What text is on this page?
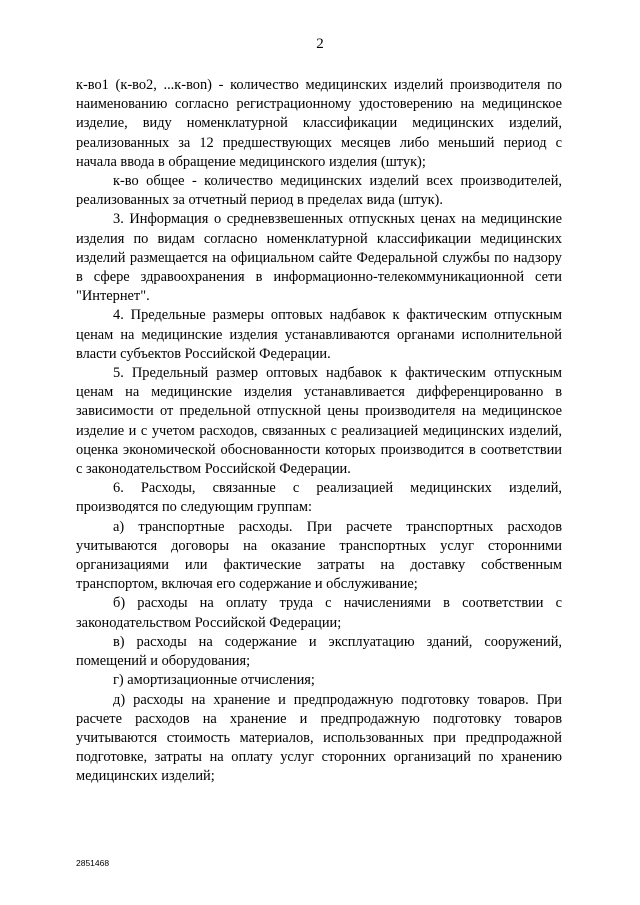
2

к-во1 (к-во2, ...к-воn) - количество медицинских изделий производителя по наименованию согласно регистрационному удостоверению на медицинское изделие, виду номенклатурной классификации медицинских изделий, реализованных за 12 предшествующих месяцев либо меньший период с начала ввода в обращение медицинского изделия (штук);

к-во общее - количество медицинских изделий всех производителей, реализованных за отчетный период в пределах вида (штук).

3. Информация о средневзвешенных отпускных ценах на медицинские изделия по видам согласно номенклатурной классификации медицинских изделий размещается на официальном сайте Федеральной службы по надзору в сфере здравоохранения в информационно-телекоммуникационной сети "Интернет".

4. Предельные размеры оптовых надбавок к фактическим отпускным ценам на медицинские изделия устанавливаются органами исполнительной власти субъектов Российской Федерации.

5. Предельный размер оптовых надбавок к фактическим отпускным ценам на медицинские изделия устанавливается дифференцированно в зависимости от предельной отпускной цены производителя на медицинское изделие и с учетом расходов, связанных с реализацией медицинских изделий, оценка экономической обоснованности которых производится в соответствии с законодательством Российской Федерации.

6. Расходы, связанные с реализацией медицинских изделий, производятся по следующим группам:

а) транспортные расходы. При расчете транспортных расходов учитываются договоры на оказание транспортных услуг сторонними организациями или фактические затраты на доставку собственным транспортом, включая его содержание и обслуживание;

б) расходы на оплату труда с начислениями в соответствии с законодательством Российской Федерации;

в) расходы на содержание и эксплуатацию зданий, сооружений, помещений и оборудования;

г) амортизационные отчисления;

д) расходы на хранение и предпродажную подготовку товаров. При расчете расходов на хранение и предпродажную подготовку товаров учитываются стоимость материалов, использованных при предпродажной подготовке, затраты на оплату услуг сторонних организаций по хранению медицинских изделий;

2851468
